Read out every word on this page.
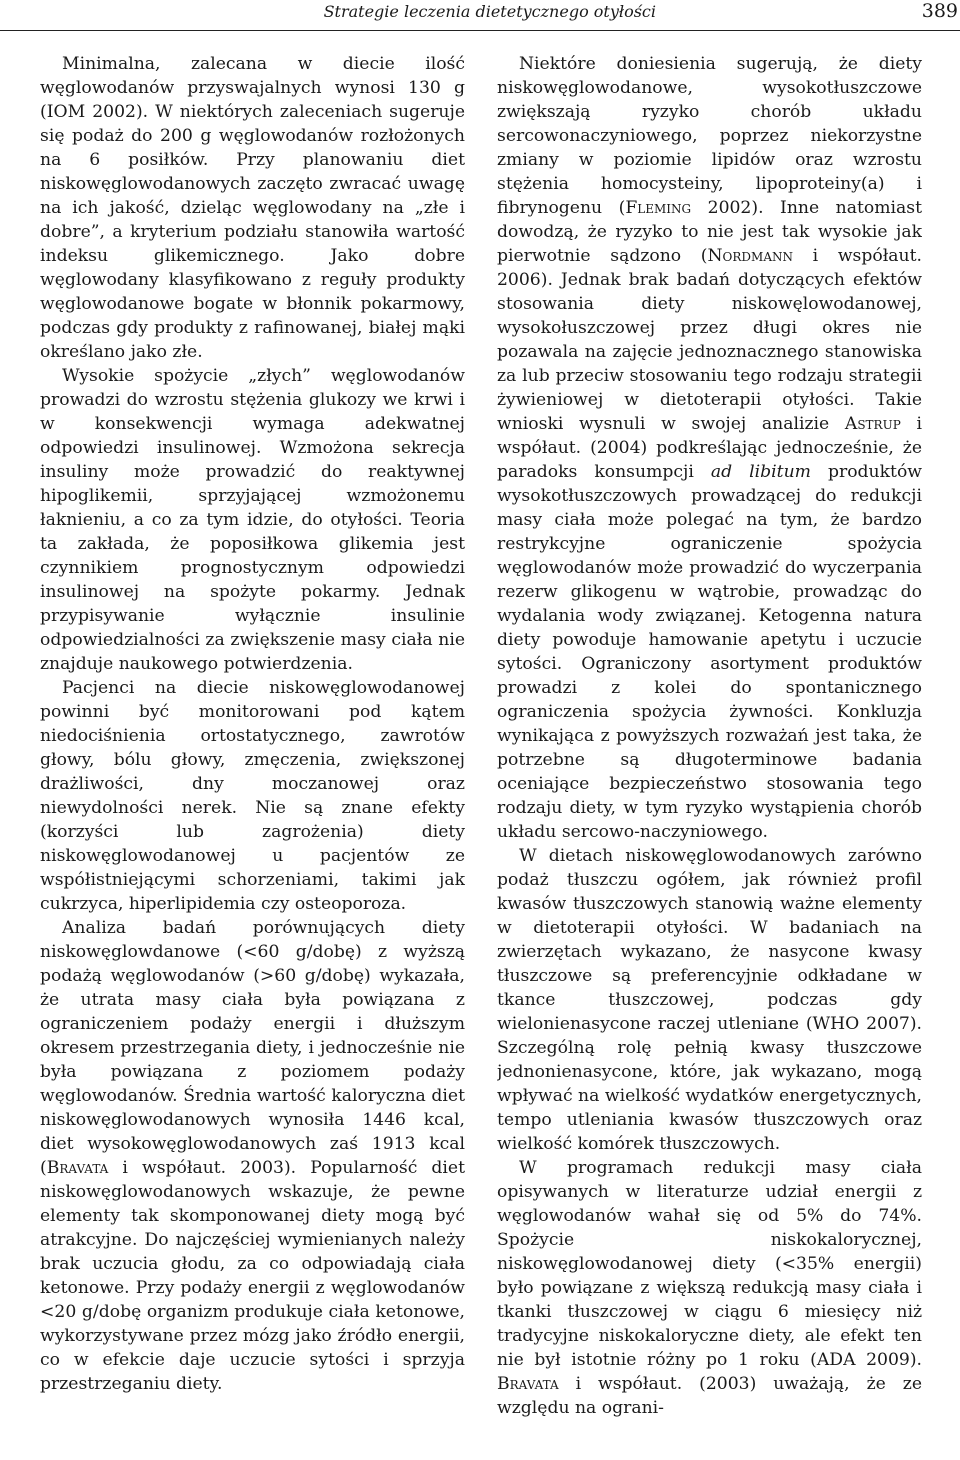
Strategie leczenia dietetycznego otyłości	389

Minimalna, zalecana w diecie ilość węglowodanów przyswajalnych wynosi 130 g (IOM 2002). W niektórych zaleceniach sugeruje się podaż do 200 g węglowodanów rozłożonych na 6 posiłków. Przy planowaniu diet niskowęglowodanowych zaczęto zwracać uwagę na ich jakość, dzieląc węglowodany na „złe i dobre”, a kryterium podziału stanowiła wartość indeksu glikemicznego. Jako dobre węglowodany klasyfikowano z reguły produkty węglowodanowe bogate w błonnik pokarmowy, podczas gdy produkty z rafinowanej, białej mąki określano jako złe.

Wysokie spożycie „złych” węglowodanów prowadzi do wzrostu stężenia glukozy we krwi i w konsekwencji wymaga adekwatnej odpowiedzi insulinowej. Wzmożona sekrecja insuliny może prowadzić do reaktywnej hipoglikemii, sprzyjającej wzmożonemu łaknieniu, a co za tym idzie, do otyłości. Teoria ta zakłada, że poposiłkowa glikemia jest czynnikiem prognostycznym odpowiedzi insulinowej na spożyte pokarmy. Jednak przypisywanie wyłącznie insulinie odpowiedzialności za zwiększenie masy ciała nie znajduje naukowego potwierdzenia.

Pacjenci na diecie niskowęglowodanowej powinni być monitorowani pod kątem niedociśnienia ortostatycznego, zawrotów głowy, bólu głowy, zmęczenia, zwiększonej drażliwości, dny moczanowej oraz niewydolności nerek. Nie są znane efekty (korzyści lub zagrożenia) diety niskowęglowodanowej u pacjentów ze współistniejącymi schorzeniami, takimi jak cukrzyca, hiperlipidemia czy osteoporoza.

Analiza badań porównujących diety niskowęglowdanowe (<60 g/dobę) z wyższą podażą węglowodanów (>60 g/dobę) wykazała, że utrata masy ciała była powiązana z ograniczeniem podaży energii i dłuższym okresem przestrzegania diety, i jednocześnie nie była powiązana z poziomem podaży węglowodanów. Średnia wartość kaloryczna diet niskowęglowodanowych wynosiła 1446 kcal, diet wysokowęglowodanowych zaś 1913 kcal (Bravata i współaut. 2003). Popularność diet niskowęglowodanowych wskazuje, że pewne elementy tak skomponowanej diety mogą być atrakcyjne. Do najczęściej wymienianych należy brak uczucia głodu, za co odpowiadają ciała ketonowe. Przy podaży energii z węglowodanów <20 g/dobę organizm produkuje ciała ketonowe, wykorzystywane przez mózg jako źródło energii, co w efekcie daje uczucie sytości i sprzyja przestrzeganiu diety.

Niektóre doniesienia sugerują, że diety niskowęglowodanowe, wysokotłuszczowe zwiększają ryzyko chorób układu sercowonaczyniowego, poprzez niekorzystne zmiany w poziomie lipidów oraz wzrostu stężenia homocysteiny, lipoproteiny(a) i fibrynogenu (Fleming 2002). Inne natomiast dowodzą, że ryzyko to nie jest tak wysokie jak pierwotnie sądzono (Nordmann i współaut. 2006). Jednak brak badań dotyczących efektów stosowania diety niskowęlowodanowej, wysokołuszczowej przez długi okres nie pozawala na zajęcie jednoznacznego stanowiska za lub przeciw stosowaniu tego rodzaju strategii żywieniowej w dietoterapii otyłości. Takie wnioski wysnuli w swojej analizie Astrup i współaut. (2004) podkreślając jednocześnie, że paradoks konsumpcji ad libitum produktów wysokotłuszczowych prowadzącej do redukcji masy ciała może polegać na tym, że bardzo restrykcyjne ograniczenie spożycia węglowodanów może prowadzić do wyczerpania rezerw glikogenu w wątrobie, prowadząc do wydalania wody związanej. Ketogenna natura diety powoduje hamowanie apetytu i uczucie sytości. Ograniczony asortyment produktów prowadzi z kolei do spontanicznego ograniczenia spożycia żywności. Konkluzja wynikająca z powyższych rozważań jest taka, że potrzebne są długoterminowe badania oceniające bezpieczeństwo stosowania tego rodzaju diety, w tym ryzyko wystąpienia chorób układu sercowo-naczyniowego.

W dietach niskowęglowodanowych zarówno podaż tłuszczu ogółem, jak również profil kwasów tłuszczowych stanowią ważne elementy w dietoterapii otyłości. W badaniach na zwierzętach wykazano, że nasycone kwasy tłuszczowe są preferencyjnie odkładane w tkance tłuszczowej, podczas gdy wielonienasycone raczej utleniane (WHO 2007). Szczególną rolę pełnią kwasy tłuszczowe jednonienasycone, które, jak wykazano, mogą wpływać na wielkość wydatków energetycznych, tempo utleniania kwasów tłuszczowych oraz wielkość komórek tłuszczowych.

W programach redukcji masy ciała opisywanych w literaturze udział energii z węglowodanów wahał się od 5% do 74%. Spożycie niskokalorycznej, niskowęglowodanowej diety (<35% energii) było powiązane z większą redukcją masy ciała i tkanki tłuszczowej w ciągu 6 miesięcy niż tradycyjne niskokaloryczne diety, ale efekt ten nie był istotnie różny po 1 roku (ADA 2009). Bravata i współaut. (2003) uważają, że ze względu na ograni-
